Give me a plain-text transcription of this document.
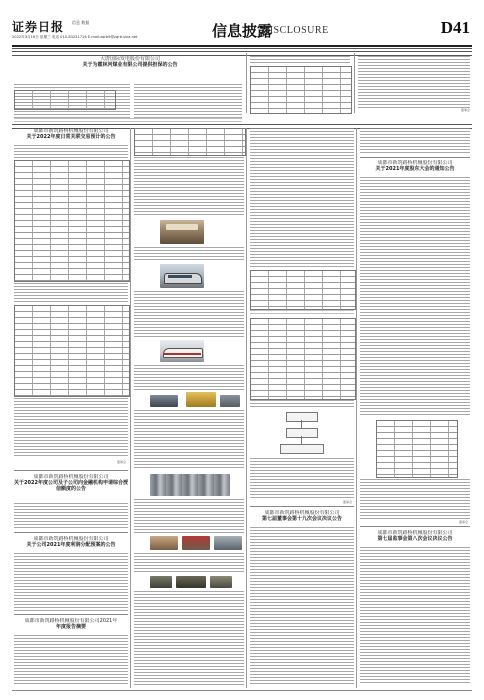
证券日报 信息 数据
2022年3月16日 星期三 电话 010-83251716 E-mail:zqrb9@zqrb.sina.net	信息披露
DISCLOSURE	D41
大唐国际发电股份有限公司
关于为霍林河煤业有限公司提供担保的公告
董事会
成都市新筑路桥机械股份有限公司
关于2022年度日常关联交易预计的公告
董事会
成都市新筑路桥机械股份有限公司
关于2022年度公司及子公司向金融机构申请综合授信额度的公告
成都市新筑路桥机械股份有限公司
关于公司2021年度利润分配预案的公告
成都市新筑路桥机械股份有限公司2021年
年度报告摘要
董事会
成都市新筑路桥机械股份有限公司
第七届董事会第十九次会议决议公告
成都市新筑路桥机械股份有限公司
关于2021年度股东大会的通知公告
董事会
成都市新筑路桥机械股份有限公司
第七届监事会第八次会议决议公告
